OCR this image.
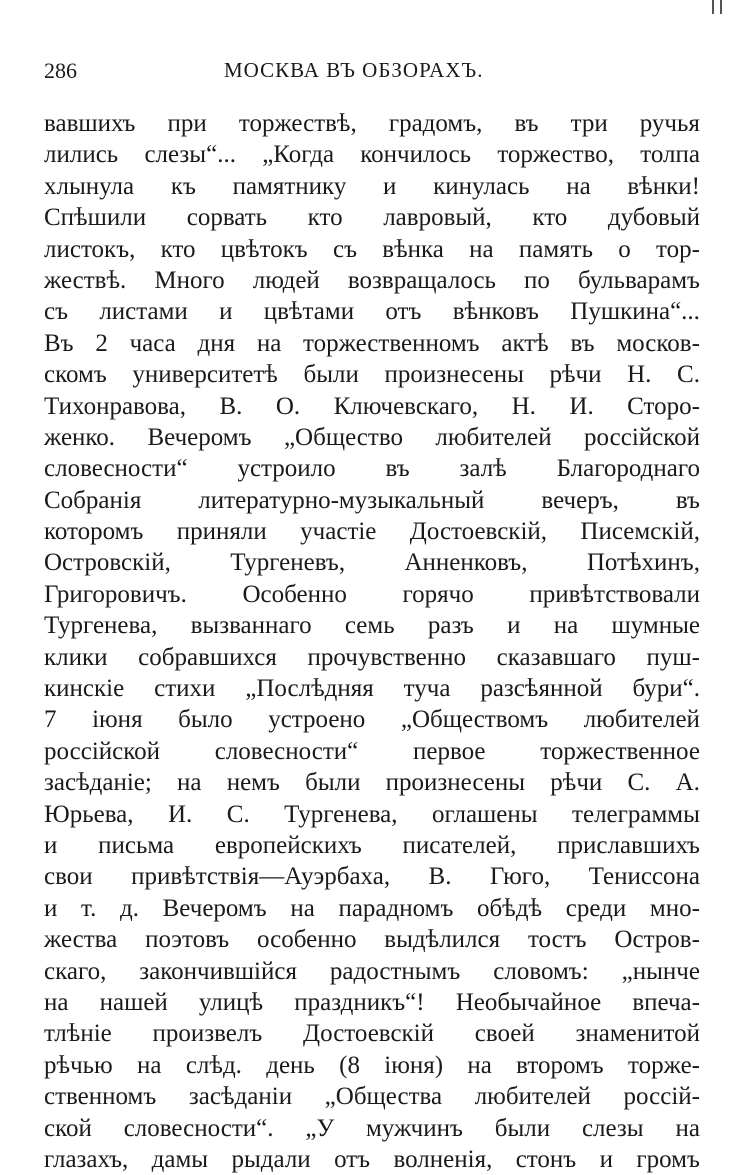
286	МОСКВА ВЪ ОБЗОРАХЪ.
вавшихъ при торжествѣ, градомъ, въ три ручья
лились слезы“... „Когда кончилось торжество, толпа
хлынула къ памятнику и кинулась на вѣнки!
Спѣшили сорвать кто лавровый, кто дубовый
листокъ, кто цвѣтокъ съ вѣнка на память о тор-
жествѣ. Много людей возвращалось по бульварамъ
съ листами и цвѣтами отъ вѣнковъ Пушкина“...
Въ 2 часа дня на торжественномъ актѣ въ москов-
скомъ университетѣ были произнесены рѣчи Н. С.
Тихонравова, В. О. Ключевскаго, Н. И. Сторо-
женко. Вечеромъ „Общество любителей россійской
словесности“ устроило въ залѣ Благороднаго
Собранія литературно-музыкальный вечеръ, въ
которомъ приняли участіе Достоевскій, Писемскій,
Островскій, Тургеневъ, Анненковъ, Потѣхинъ,
Григоровичъ. Особенно горячо привѣтствовали
Тургенева, вызваннаго семь разъ и на шумные
клики собравшихся прочувственно сказавшаго пуш-
кинскіе стихи „Послѣдняя туча разсѣянной бури“.
7 іюня было устроено „Обществомъ любителей
россійской словесности“ первое торжественное
засѣданіе; на немъ были произнесены рѣчи С. А.
Юрьева, И. С. Тургенева, оглашены телеграммы
и письма европейскихъ писателей, приславшихъ
свои привѣтствія—Ауэрбаха, В. Гюго, Тениссона
и т. д. Вечеромъ на парадномъ обѣдѣ среди мно-
жества поэтовъ особенно выдѣлился тостъ Остров-
скаго, закончившійся радостнымъ словомъ: „нынче
на нашей улицѣ праздникъ“! Необычайное впеча-
тлѣніе произвелъ Достоевскій своей знаменитой
рѣчью на слѣд. день (8 іюня) на второмъ торже-
ственномъ засѣданіи „Общества любителей россій-
ской словесности“. „У мужчинъ были слезы на
глазахъ, дамы рыдали отъ волненія, стонъ и громъ
